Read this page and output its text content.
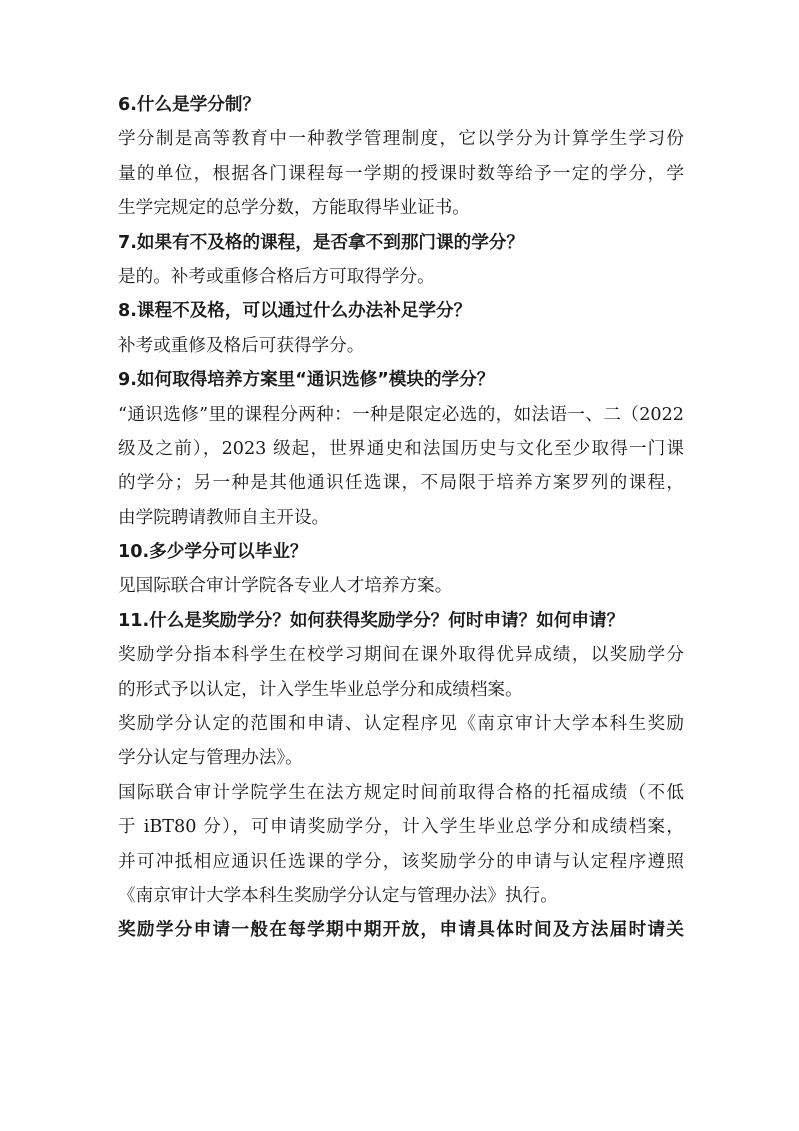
6.什么是学分制？
学分制是高等教育中一种教学管理制度，它以学分为计算学生学习份
量的单位，根据各门课程每一学期的授课时数等给予一定的学分，学
生学完规定的总学分数，方能取得毕业证书。
7.如果有不及格的课程，是否拿不到那门课的学分？
是的。补考或重修合格后方可取得学分。
8.课程不及格，可以通过什么办法补足学分？
补考或重修及格后可获得学分。
9.如何取得培养方案里“通识选修”模块的学分？
“通识选修”里的课程分两种：一种是限定必选的，如法语一、二（2022
级及之前），2023 级起，世界通史和法国历史与文化至少取得一门课
的学分；另一种是其他通识任选课，不局限于培养方案罗列的课程，
由学院聘请教师自主开设。
10.多少学分可以毕业？
见国际联合审计学院各专业人才培养方案。
11.什么是奖励学分？如何获得奖励学分？何时申请？如何申请？
奖励学分指本科学生在校学习期间在课外取得优异成绩，以奖励学分
的形式予以认定，计入学生毕业总学分和成绩档案。
奖励学分认定的范围和申请、认定程序见《南京审计大学本科生奖励
学分认定与管理办法》。
国际联合审计学院学生在法方规定时间前取得合格的托福成绩（不低
于 iBT80 分），可申请奖励学分，计入学生毕业总学分和成绩档案，
并可冲抵相应通识任选课的学分，该奖励学分的申请与认定程序遵照
《南京审计大学本科生奖励学分认定与管理办法》执行。
奖励学分申请一般在每学期中期开放，申请具体时间及方法届时请关
